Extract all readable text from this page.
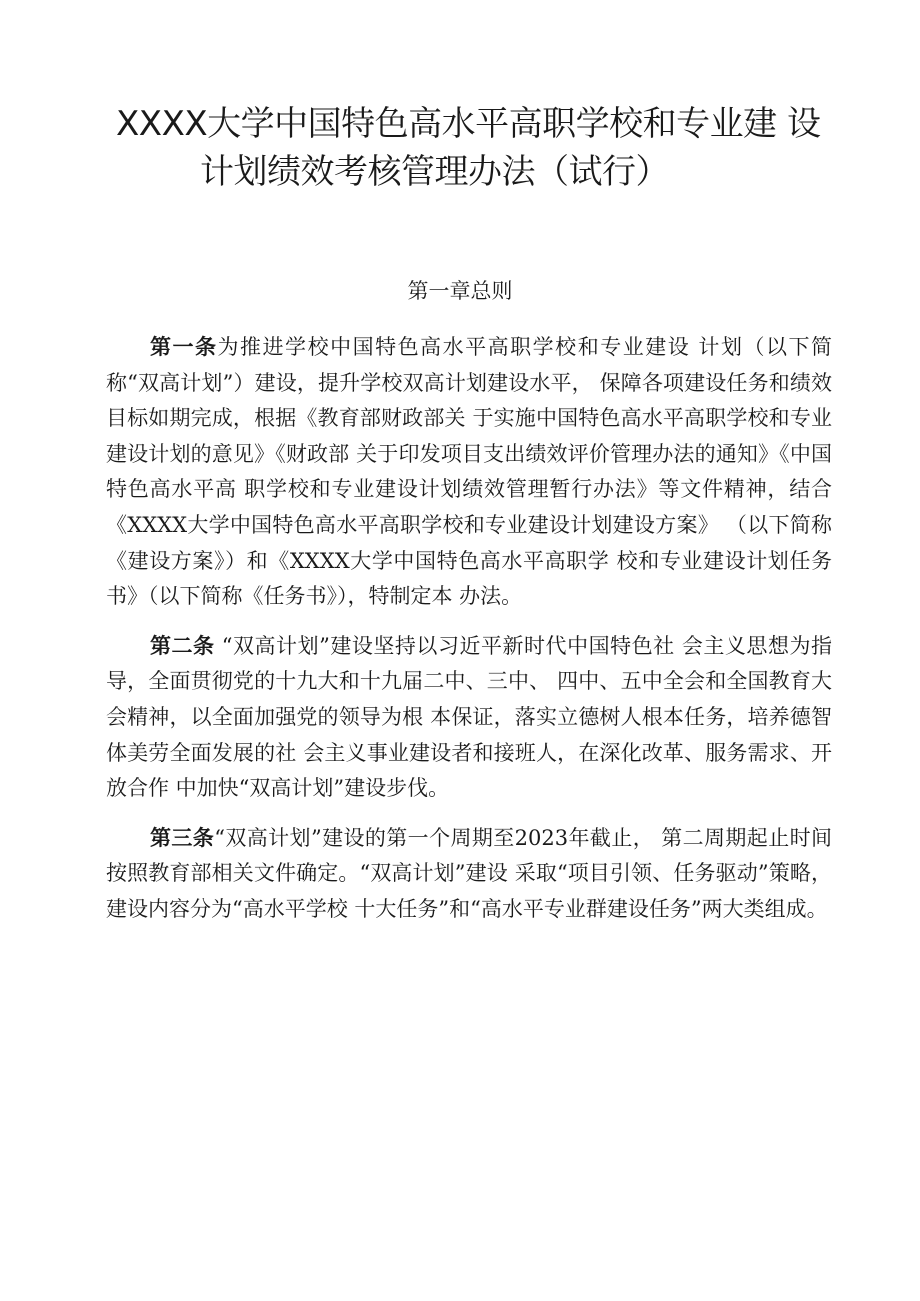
XXXX大学中国特色高水平高职学校和专业建 设
计划绩效考核管理办法（试行）
第一章总则

第一条为推进学校中国特色高水平高职学校和专业建设 计划（以下简称“双高计划”）建设，提升学校双高计划建设水平， 保障各项建设任务和绩效目标如期完成，根据《教育部财政部关 于实施中国特色高水平高职学校和专业建设计划的意见》《财政部 关于印发项目支出绩效评价管理办法的通知》《中国特色高水平高 职学校和专业建设计划绩效管理暂行办法》等文件精神，结合 《XXXX大学中国特色高水平高职学校和专业建设计划建设方案》 （以下简称《建设方案》）和《XXXX大学中国特色高水平高职学 校和专业建设计划任务书》（以下简称《任务书》），特制定本 办法。

第二条 “双高计划”建设坚持以习近平新时代中国特色社 会主义思想为指导，全面贯彻党的十九大和十九届二中、三中、 四中、五中全会和全国教育大会精神，以全面加强党的领导为根 本保证，落实立德树人根本任务，培养德智体美劳全面发展的社 会主义事业建设者和接班人，在深化改革、服务需求、开放合作 中加快“双高计划”建设步伐。

第三条“双高计划”建设的第一个周期至2023年截止， 第二周期起止时间按照教育部相关文件确定。“双高计划”建设 采取“项目引领、任务驱动”策略，建设内容分为“高水平学校 十大任务”和“高水平专业群建设任务”两大类组成。
